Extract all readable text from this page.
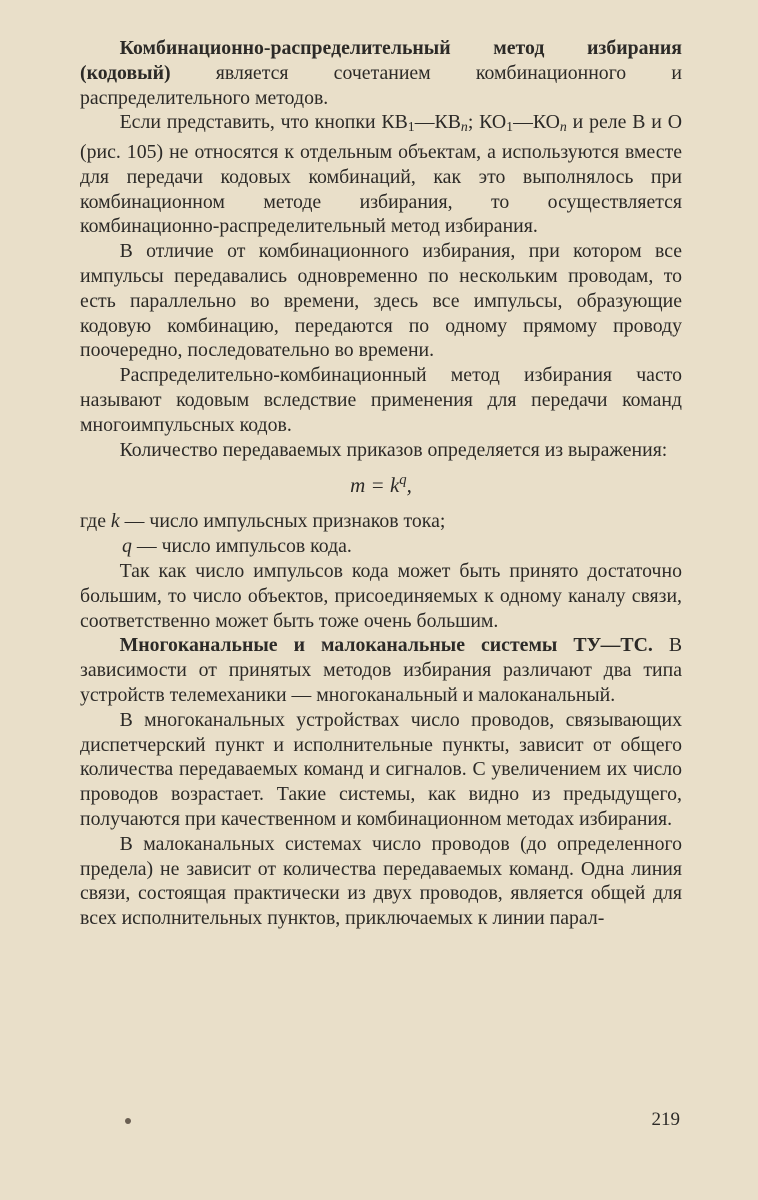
Комбинационно-распределительный метод избирания (кодовый) является сочетанием комбинационного и распределительного методов.

Если представить, что кнопки КВ1—КВn; КО1—КОn и реле В и О (рис. 105) не относятся к отдельным объектам, а используются вместе для передачи кодовых комбинаций, как это выполнялось при комбинационном методе избирания, то осуществляется комбинационно-распределительный метод избирания.

В отличие от комбинационного избирания, при котором все импульсы передавались одновременно по нескольким проводам, то есть параллельно во времени, здесь все импульсы, образующие кодовую комбинацию, передаются по одному прямому проводу поочередно, последовательно во времени.

Распределительно-комбинационный метод избирания часто называют кодовым вследствие применения для передачи команд многоимпульсных кодов.

Количество передаваемых приказов определяется из выражения:

$m = k^q$,

где k — число импульсных признаков тока;

q — число импульсов кода.

Так как число импульсов кода может быть принято достаточно большим, то число объектов, присоединяемых к одному каналу связи, соответственно может быть тоже очень большим.

Многоканальные и малоканальные системы ТУ—ТС. В зависимости от принятых методов избирания различают два типа устройств телемеханики — многоканальный и малоканальный.

В многоканальных устройствах число проводов, связывающих диспетчерский пункт и исполнительные пункты, зависит от общего количества передаваемых команд и сигналов. С увеличением их число проводов возрастает. Такие системы, как видно из предыдущего, получаются при качественном и комбинационном методах избирания.

В малоканальных системах число проводов (до определенного предела) не зависит от количества передаваемых команд. Одна линия связи, состоящая практически из двух проводов, является общей для всех исполнительных пунктов, приключаемых к линии парал-

219
